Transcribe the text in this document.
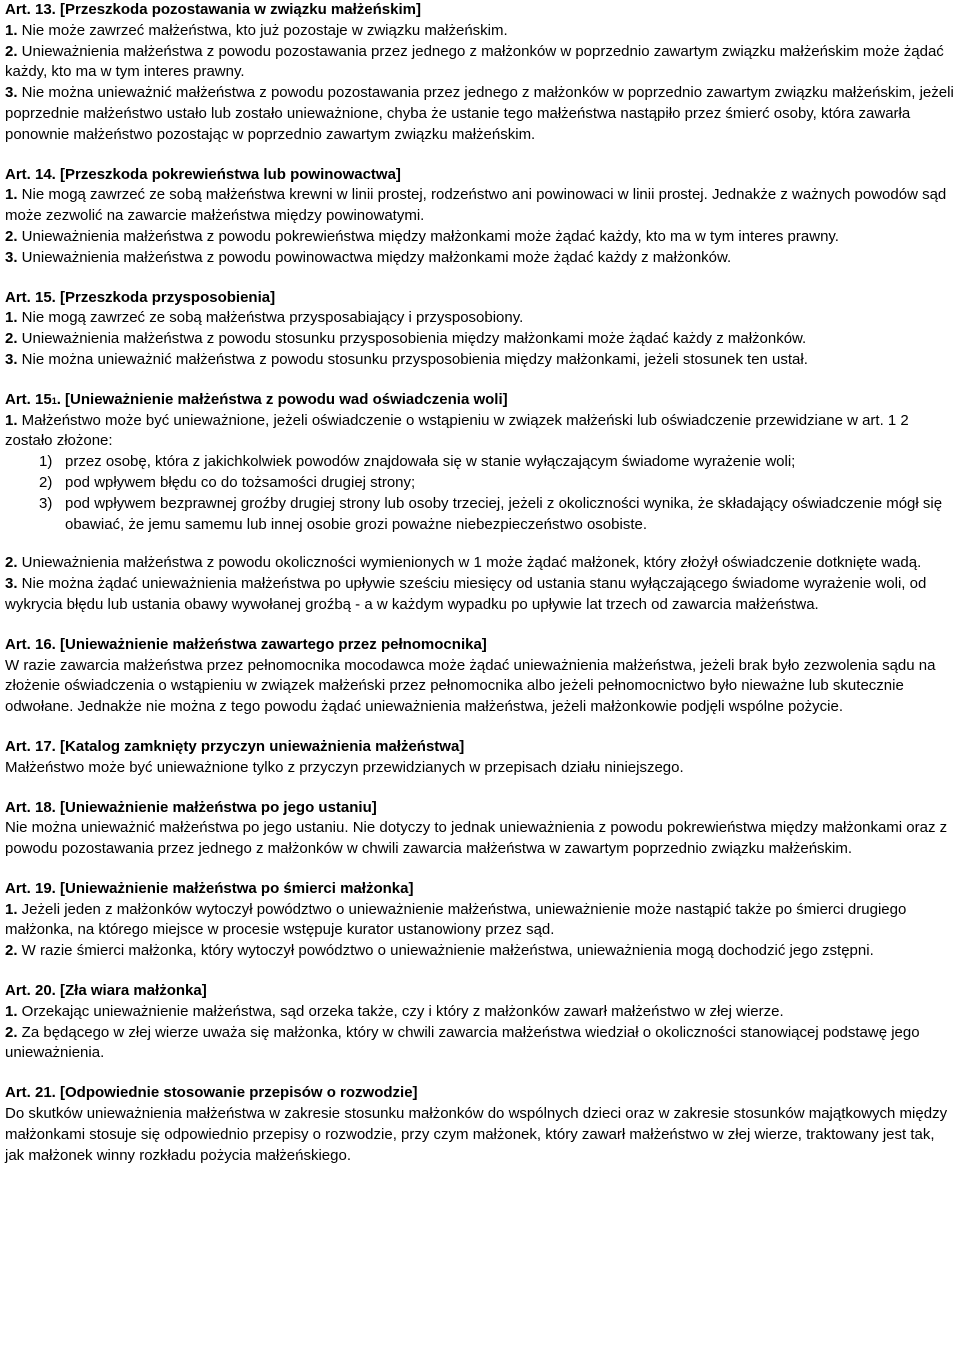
Art. 13. [Przeszkoda pozostawania w związku małżeńskim]

1. Nie może zawrzeć małżeństwa, kto już pozostaje w związku małżeńskim.

2. Unieważnienia małżeństwa z powodu pozostawania przez jednego z małżonków w poprzednio zawartym związku małżeńskim może żądać każdy, kto ma w tym interes prawny.

3. Nie można unieważnić małżeństwa z powodu pozostawania przez jednego z małżonków w poprzednio zawartym związku małżeńskim, jeżeli poprzednie małżeństwo ustało lub zostało unieważnione, chyba że ustanie tego małżeństwa nastąpiło przez śmierć osoby, która zawarła ponownie małżeństwo pozostając w poprzednio zawartym związku małżeńskim.

Art. 14. [Przeszkoda pokrewieństwa lub powinowactwa]

1. Nie mogą zawrzeć ze sobą małżeństwa krewni w linii prostej, rodzeństwo ani powinowaci w linii prostej. Jednakże z ważnych powodów sąd może zezwolić na zawarcie małżeństwa między powinowatymi.

2. Unieważnienia małżeństwa z powodu pokrewieństwa między małżonkami może żądać każdy, kto ma w tym interes prawny.

3. Unieważnienia małżeństwa z powodu powinowactwa między małżonkami może żądać każdy z małżonków.

Art. 15. [Przeszkoda przysposobienia]

1. Nie mogą zawrzeć ze sobą małżeństwa przysposabiający i przysposobiony.

2. Unieważnienia małżeństwa z powodu stosunku przysposobienia między małżonkami może żądać każdy z małżonków.

3. Nie można unieważnić małżeństwa z powodu stosunku przysposobienia między małżonkami, jeżeli stosunek ten ustał.

Art. 151. [Unieważnienie małżeństwa z powodu wad oświadczenia woli]

1. Małżeństwo może być unieważnione, jeżeli oświadczenie o wstąpieniu w związek małżeński lub oświadczenie przewidziane w art. 1 2 zostało złożone:

1) przez osobę, która z jakichkolwiek powodów znajdowała się w stanie wyłączającym świadome wyrażenie woli;
2) pod wpływem błędu co do tożsamości drugiej strony;
3) pod wpływem bezprawnej groźby drugiej strony lub osoby trzeciej, jeżeli z okoliczności wynika, że składający oświadczenie mógł się obawiać, że jemu samemu lub innej osobie grozi poważne niebezpieczeństwo osobiste.

2. Unieważnienia małżeństwa z powodu okoliczności wymienionych w 1 może żądać małżonek, który złożył oświadczenie dotknięte wadą.

3. Nie można żądać unieważnienia małżeństwa po upływie sześciu miesięcy od ustania stanu wyłączającego świadome wyrażenie woli, od wykrycia błędu lub ustania obawy wywołanej groźbą - a w każdym wypadku po upływie lat trzech od zawarcia małżeństwa.

Art. 16. [Unieważnienie małżeństwa zawartego przez pełnomocnika]

W razie zawarcia małżeństwa przez pełnomocnika mocodawca może żądać unieważnienia małżeństwa, jeżeli brak było zezwolenia sądu na złożenie oświadczenia o wstąpieniu w związek małżeński przez pełnomocnika albo jeżeli pełnomocnictwo było nieważne lub skutecznie odwołane. Jednakże nie można z tego powodu żądać unieważnienia małżeństwa, jeżeli małżonkowie podjęli wspólne pożycie.

Art. 17. [Katalog zamknięty przyczyn unieważnienia małżeństwa]

Małżeństwo może być unieważnione tylko z przyczyn przewidzianych w przepisach działu niniejszego.

Art. 18. [Unieważnienie małżeństwa po jego ustaniu]

Nie można unieważnić małżeństwa po jego ustaniu. Nie dotyczy to jednak unieważnienia z powodu pokrewieństwa między małżonkami oraz z powodu pozostawania przez jednego z małżonków w chwili zawarcia małżeństwa w zawartym poprzednio związku małżeńskim.

Art. 19. [Unieważnienie małżeństwa po śmierci małżonka]

1. Jeżeli jeden z małżonków wytoczył powództwo o unieważnienie małżeństwa, unieważnienie może nastąpić także po śmierci drugiego małżonka, na którego miejsce w procesie wstępuje kurator ustanowiony przez sąd.

2. W razie śmierci małżonka, który wytoczył powództwo o unieważnienie małżeństwa, unieważnienia mogą dochodzić jego zstępni.

Art. 20. [Zła wiara małżonka]

1. Orzekając unieważnienie małżeństwa, sąd orzeka także, czy i który z małżonków zawarł małżeństwo w złej wierze.

2. Za będącego w złej wierze uważa się małżonka, który w chwili zawarcia małżeństwa wiedział o okoliczności stanowiącej podstawę jego unieważnienia.

Art. 21. [Odpowiednie stosowanie przepisów o rozwodzie]

Do skutków unieważnienia małżeństwa w zakresie stosunku małżonków do wspólnych dzieci oraz w zakresie stosunków majątkowych między małżonkami stosuje się odpowiednio przepisy o rozwodzie, przy czym małżonek, który zawarł małżeństwo w złej wierze, traktowany jest tak, jak małżonek winny rozkładu pożycia małżeńskiego.
